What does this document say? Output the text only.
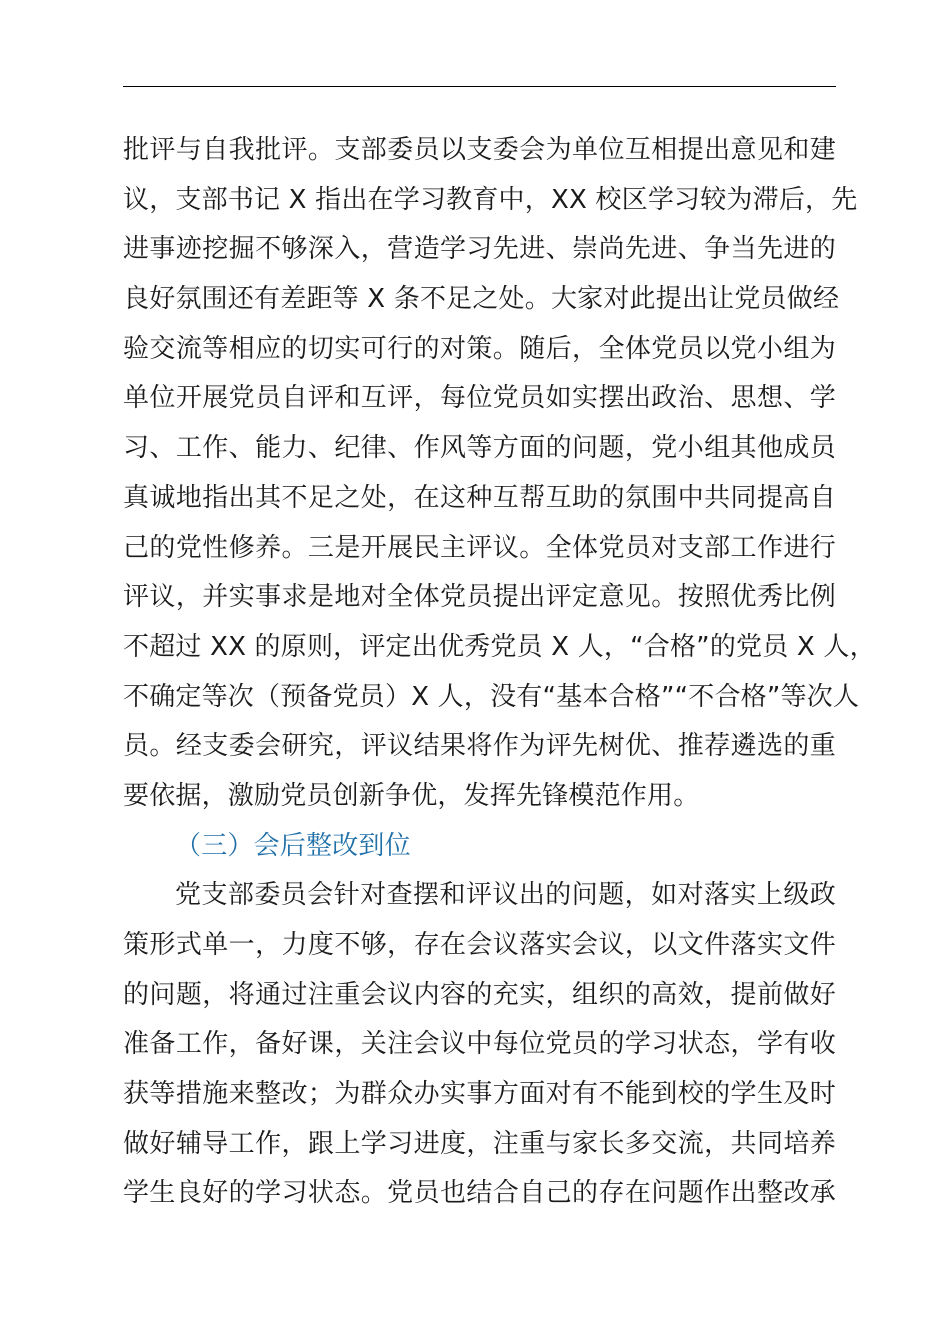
批评与自我批评。支部委员以支委会为单位互相提出意见和建
议，支部书记 X 指出在学习教育中，XX 校区学习较为滞后，先
进事迹挖掘不够深入，营造学习先进、崇尚先进、争当先进的
良好氛围还有差距等 X 条不足之处。大家对此提出让党员做经
验交流等相应的切实可行的对策。随后，全体党员以党小组为
单位开展党员自评和互评，每位党员如实摆出政治、思想、学
习、工作、能力、纪律、作风等方面的问题，党小组其他成员
真诚地指出其不足之处，在这种互帮互助的氛围中共同提高自
己的党性修养。三是开展民主评议。全体党员对支部工作进行
评议，并实事求是地对全体党员提出评定意见。按照优秀比例
不超过 XX 的原则，评定出优秀党员 X 人，“合格”的党员 X 人，
不确定等次（预备党员）X 人，没有“基本合格”“不合格”等次人
员。经支委会研究，评议结果将作为评先树优、推荐遴选的重
要依据，激励党员创新争优，发挥先锋模范作用。
（三）会后整改到位
党支部委员会针对查摆和评议出的问题，如对落实上级政
策形式单一，力度不够，存在会议落实会议，以文件落实文件
的问题，将通过注重会议内容的充实，组织的高效，提前做好
准备工作，备好课，关注会议中每位党员的学习状态，学有收
获等措施来整改；为群众办实事方面对有不能到校的学生及时
做好辅导工作，跟上学习进度，注重与家长多交流，共同培养
学生良好的学习状态。党员也结合自己的存在问题作出整改承
